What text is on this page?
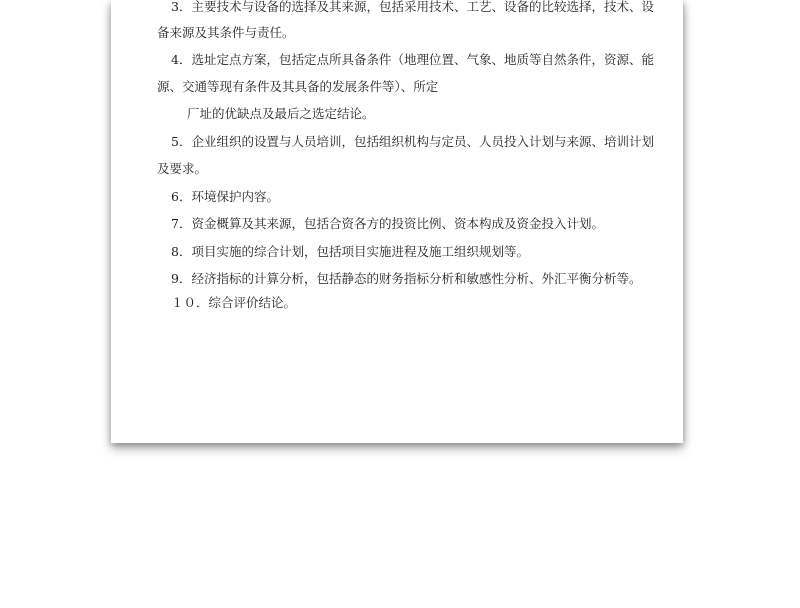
3．主要技术与设备的选择及其来源，包括采用技术、工艺、设备的比较选择，技术、设
备来源及其条件与责任。
4．选址定点方案，包括定点所具备条件（地理位置、气象、地质等自然条件，资源、能
源、交通等现有条件及其具备的发展条件等）、所定
厂址的优缺点及最后之选定结论。
5．企业组织的设置与人员培训，包括组织机构与定员、人员投入计划与来源、培训计划
及要求。
6．环境保护内容。
7．资金概算及其来源，包括合资各方的投资比例、资本构成及资金投入计划。
8．项目实施的综合计划，包括项目实施进程及施工组织规划等。
9．经济指标的计算分析，包括静态的财务指标分析和敏感性分析、外汇平衡分析等。
１０．综合评价结论。
